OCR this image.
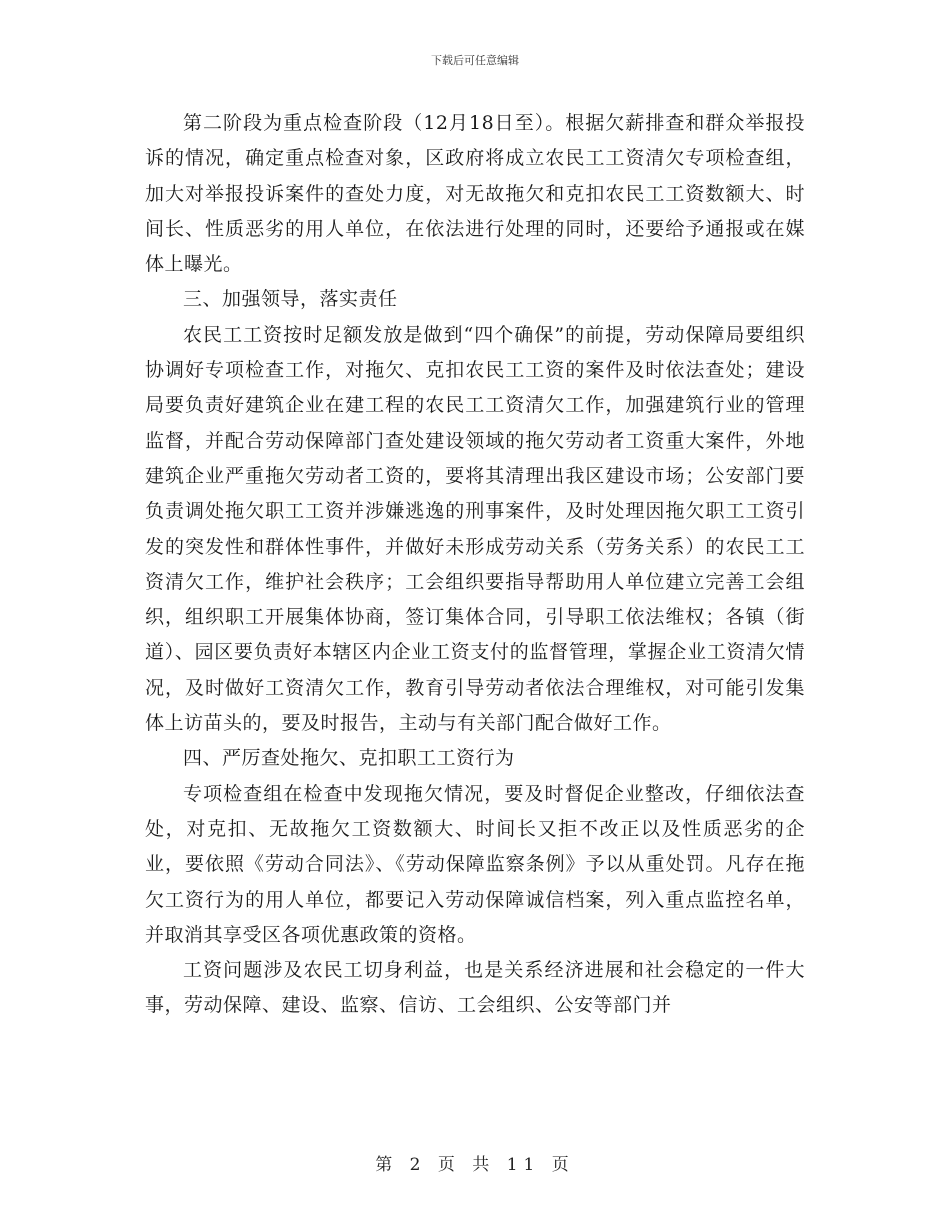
下载后可任意编辑

第二阶段为重点检查阶段（12月18日至）。根据欠薪排查和群众举报投诉的情况，确定重点检查对象，区政府将成立农民工工资清欠专项检查组，加大对举报投诉案件的查处力度，对无故拖欠和克扣农民工工资数额大、时间长、性质恶劣的用人单位，在依法进行处理的同时，还要给予通报或在媒体上曝光。

三、加强领导，落实责任

农民工工资按时足额发放是做到“四个确保”的前提，劳动保障局要组织协调好专项检查工作，对拖欠、克扣农民工工资的案件及时依法查处；建设局要负责好建筑企业在建工程的农民工工资清欠工作，加强建筑行业的管理监督，并配合劳动保障部门查处建设领域的拖欠劳动者工资重大案件，外地建筑企业严重拖欠劳动者工资的，要将其清理出我区建设市场；公安部门要负责调处拖欠职工工资并涉嫌逃逸的刑事案件，及时处理因拖欠职工工资引发的突发性和群体性事件，并做好未形成劳动关系（劳务关系）的农民工工资清欠工作，维护社会秩序；工会组织要指导帮助用人单位建立完善工会组织，组织职工开展集体协商，签订集体合同，引导职工依法维权；各镇（街道）、园区要负责好本辖区内企业工资支付的监督管理，掌握企业工资清欠情况，及时做好工资清欠工作，教育引导劳动者依法合理维权，对可能引发集体上访苗头的，要及时报告，主动与有关部门配合做好工作。

四、严厉查处拖欠、克扣职工工资行为

专项检查组在检查中发现拖欠情况，要及时督促企业整改，仔细依法查处，对克扣、无故拖欠工资数额大、时间长又拒不改正以及性质恶劣的企业，要依照《劳动合同法》、《劳动保障监察条例》予以从重处罚。凡存在拖欠工资行为的用人单位，都要记入劳动保障诚信档案，列入重点监控名单，并取消其享受区各项优惠政策的资格。

工资问题涉及农民工切身利益，也是关系经济进展和社会稳定的一件大事，劳动保障、建设、监察、信访、工会组织、公安等部门并

第 2 页 共 11 页
